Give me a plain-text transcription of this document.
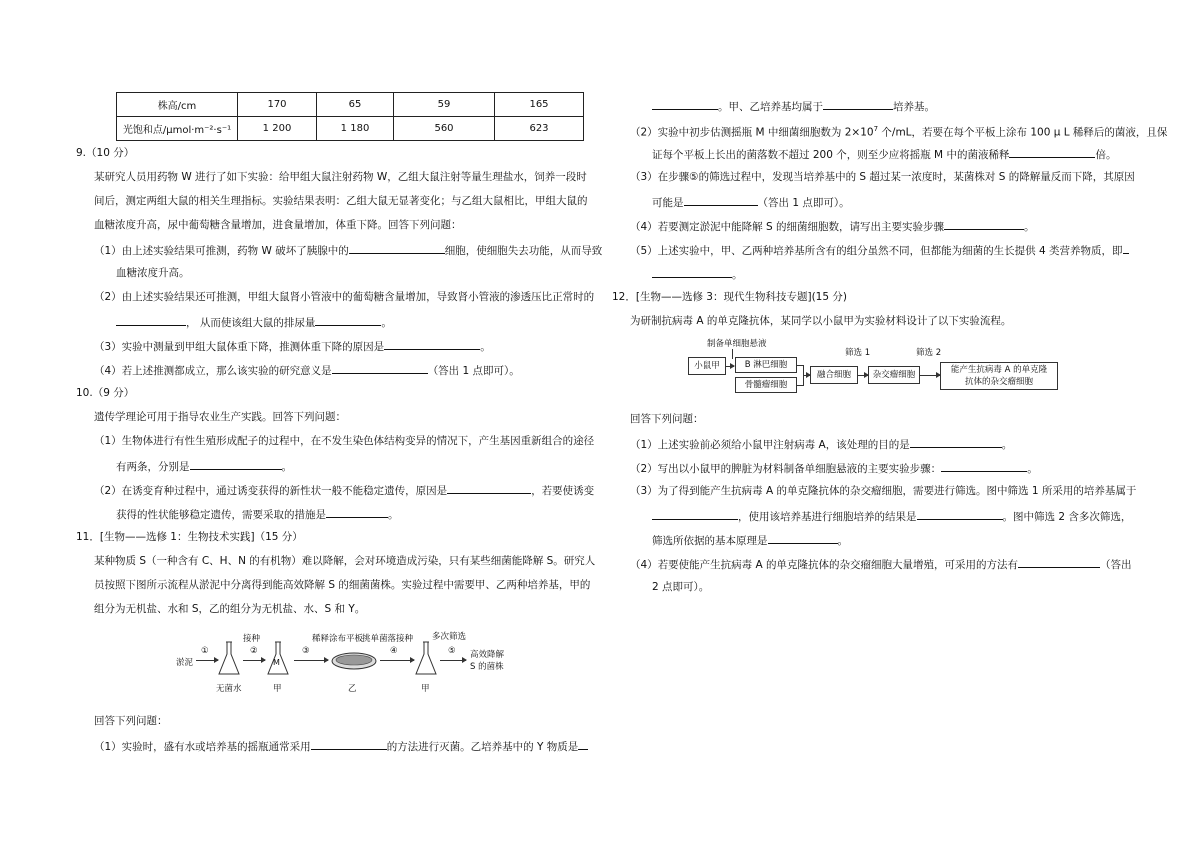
株高/cm	170	65	59	165
光饱和点/μmol·m⁻²·s⁻¹	1 200	1 180	560	623
9.（10 分）
某研究人员用药物 W 进行了如下实验：给甲组大鼠注射药物 W，乙组大鼠注射等量生理盐水，饲养一段时
间后，测定两组大鼠的相关生理指标。实验结果表明：乙组大鼠无显著变化；与乙组大鼠相比，甲组大鼠的
血糖浓度升高，尿中葡萄糖含量增加，进食量增加，体重下降。回答下列问题：
（1）由上述实验结果可推测，药物 W 破坏了胰腺中的	细胞，使细胞失去功能，从而导致
血糖浓度升高。
（2）由上述实验结果还可推测，甲组大鼠肾小管液中的葡萄糖含量增加，导致肾小管液的渗透压比正常时的
， 从而使该组大鼠的排尿量	。
（3）实验中测量到甲组大鼠体重下降，推测体重下降的原因是	。
（4）若上述推测都成立，那么该实验的研究意义是	（答出 1 点即可）。
10.（9 分）
遗传学理论可用于指导农业生产实践。回答下列问题：
（1）生物体进行有性生殖形成配子的过程中，在不发生染色体结构变异的情况下，产生基因重新组合的途径
有两条，分别是	。
（2）在诱变育种过程中，通过诱变获得的新性状一般不能稳定遗传，原因是	，若要使诱变
获得的性状能够稳定遗传，需要采取的措施是	。
11．[生物——选修 1：生物技术实践]（15 分）
某种物质 S（一种含有 C、H、N 的有机物）难以降解，会对环境造成污染，只有某些细菌能降解 S。研究人
员按照下图所示流程从淤泥中分离得到能高效降解 S 的细菌菌株。实验过程中需要甲、乙两种培养基，甲的
组分为无机盐、水和 S，乙的组分为无机盐、水、S 和 Y。
淤泥
①
无菌水
接种
②
M
甲
稀释涂布平板
③
乙
挑单菌落接种
④
甲
多次筛选
⑤ 高效降解
S 的菌株
回答下列问题：
（1）实验时，盛有水或培养基的摇瓶通常采用	的方法进行灭菌。乙培养基中的 Y 物质是
。甲、乙培养基均属于	培养基。
（2）实验中初步估测摇瓶 M 中细菌细胞数为 $2\times 10^7$ 个/mL，若要在每个平板上涂布 100 μ L 稀释后的菌液，且保
证每个平板上长出的菌落数不超过 200 个，则至少应将摇瓶 M 中的菌液稀释	倍。
（3）在步骤⑤的筛选过程中，发现当培养基中的 S 超过某一浓度时，某菌株对 S 的降解量反而下降，其原因
可能是	（答出 1 点即可）。
（4）若要测定淤泥中能降解 S 的细菌细胞数，请写出主要实验步骤	。
（5）上述实验中，甲、乙两种培养基所含有的组分虽然不同，但都能为细菌的生长提供 4 类营养物质，即
。
12．[生物——选修 3：现代生物科技专题](15 分)
为研制抗病毒 A 的单克隆抗体，某同学以小鼠甲为实验材料设计了以下实验流程。
制备单细胞悬液
小鼠甲	B 淋巴细胞
骨髓瘤细胞
融合细胞
筛选 1
杂交瘤细胞
筛选 2
能产生抗病毒 A 的单克隆
抗体的杂交瘤细胞
回答下列问题：
（1）上述实验前必须给小鼠甲注射病毒 A，该处理的目的是	。
（2）写出以小鼠甲的脾脏为材料制备单细胞悬液的主要实验步骤：	。
（3）为了得到能产生抗病毒 A 的单克隆抗体的杂交瘤细胞，需要进行筛选。图中筛选 1 所采用的培养基属于
，使用该培养基进行细胞培养的结果是	。图中筛选 2 含多次筛选，
筛选所依据的基本原理是	。
（4）若要使能产生抗病毒 A 的单克隆抗体的杂交瘤细胞大量增殖，可采用的方法有	（答出
2 点即可）。
